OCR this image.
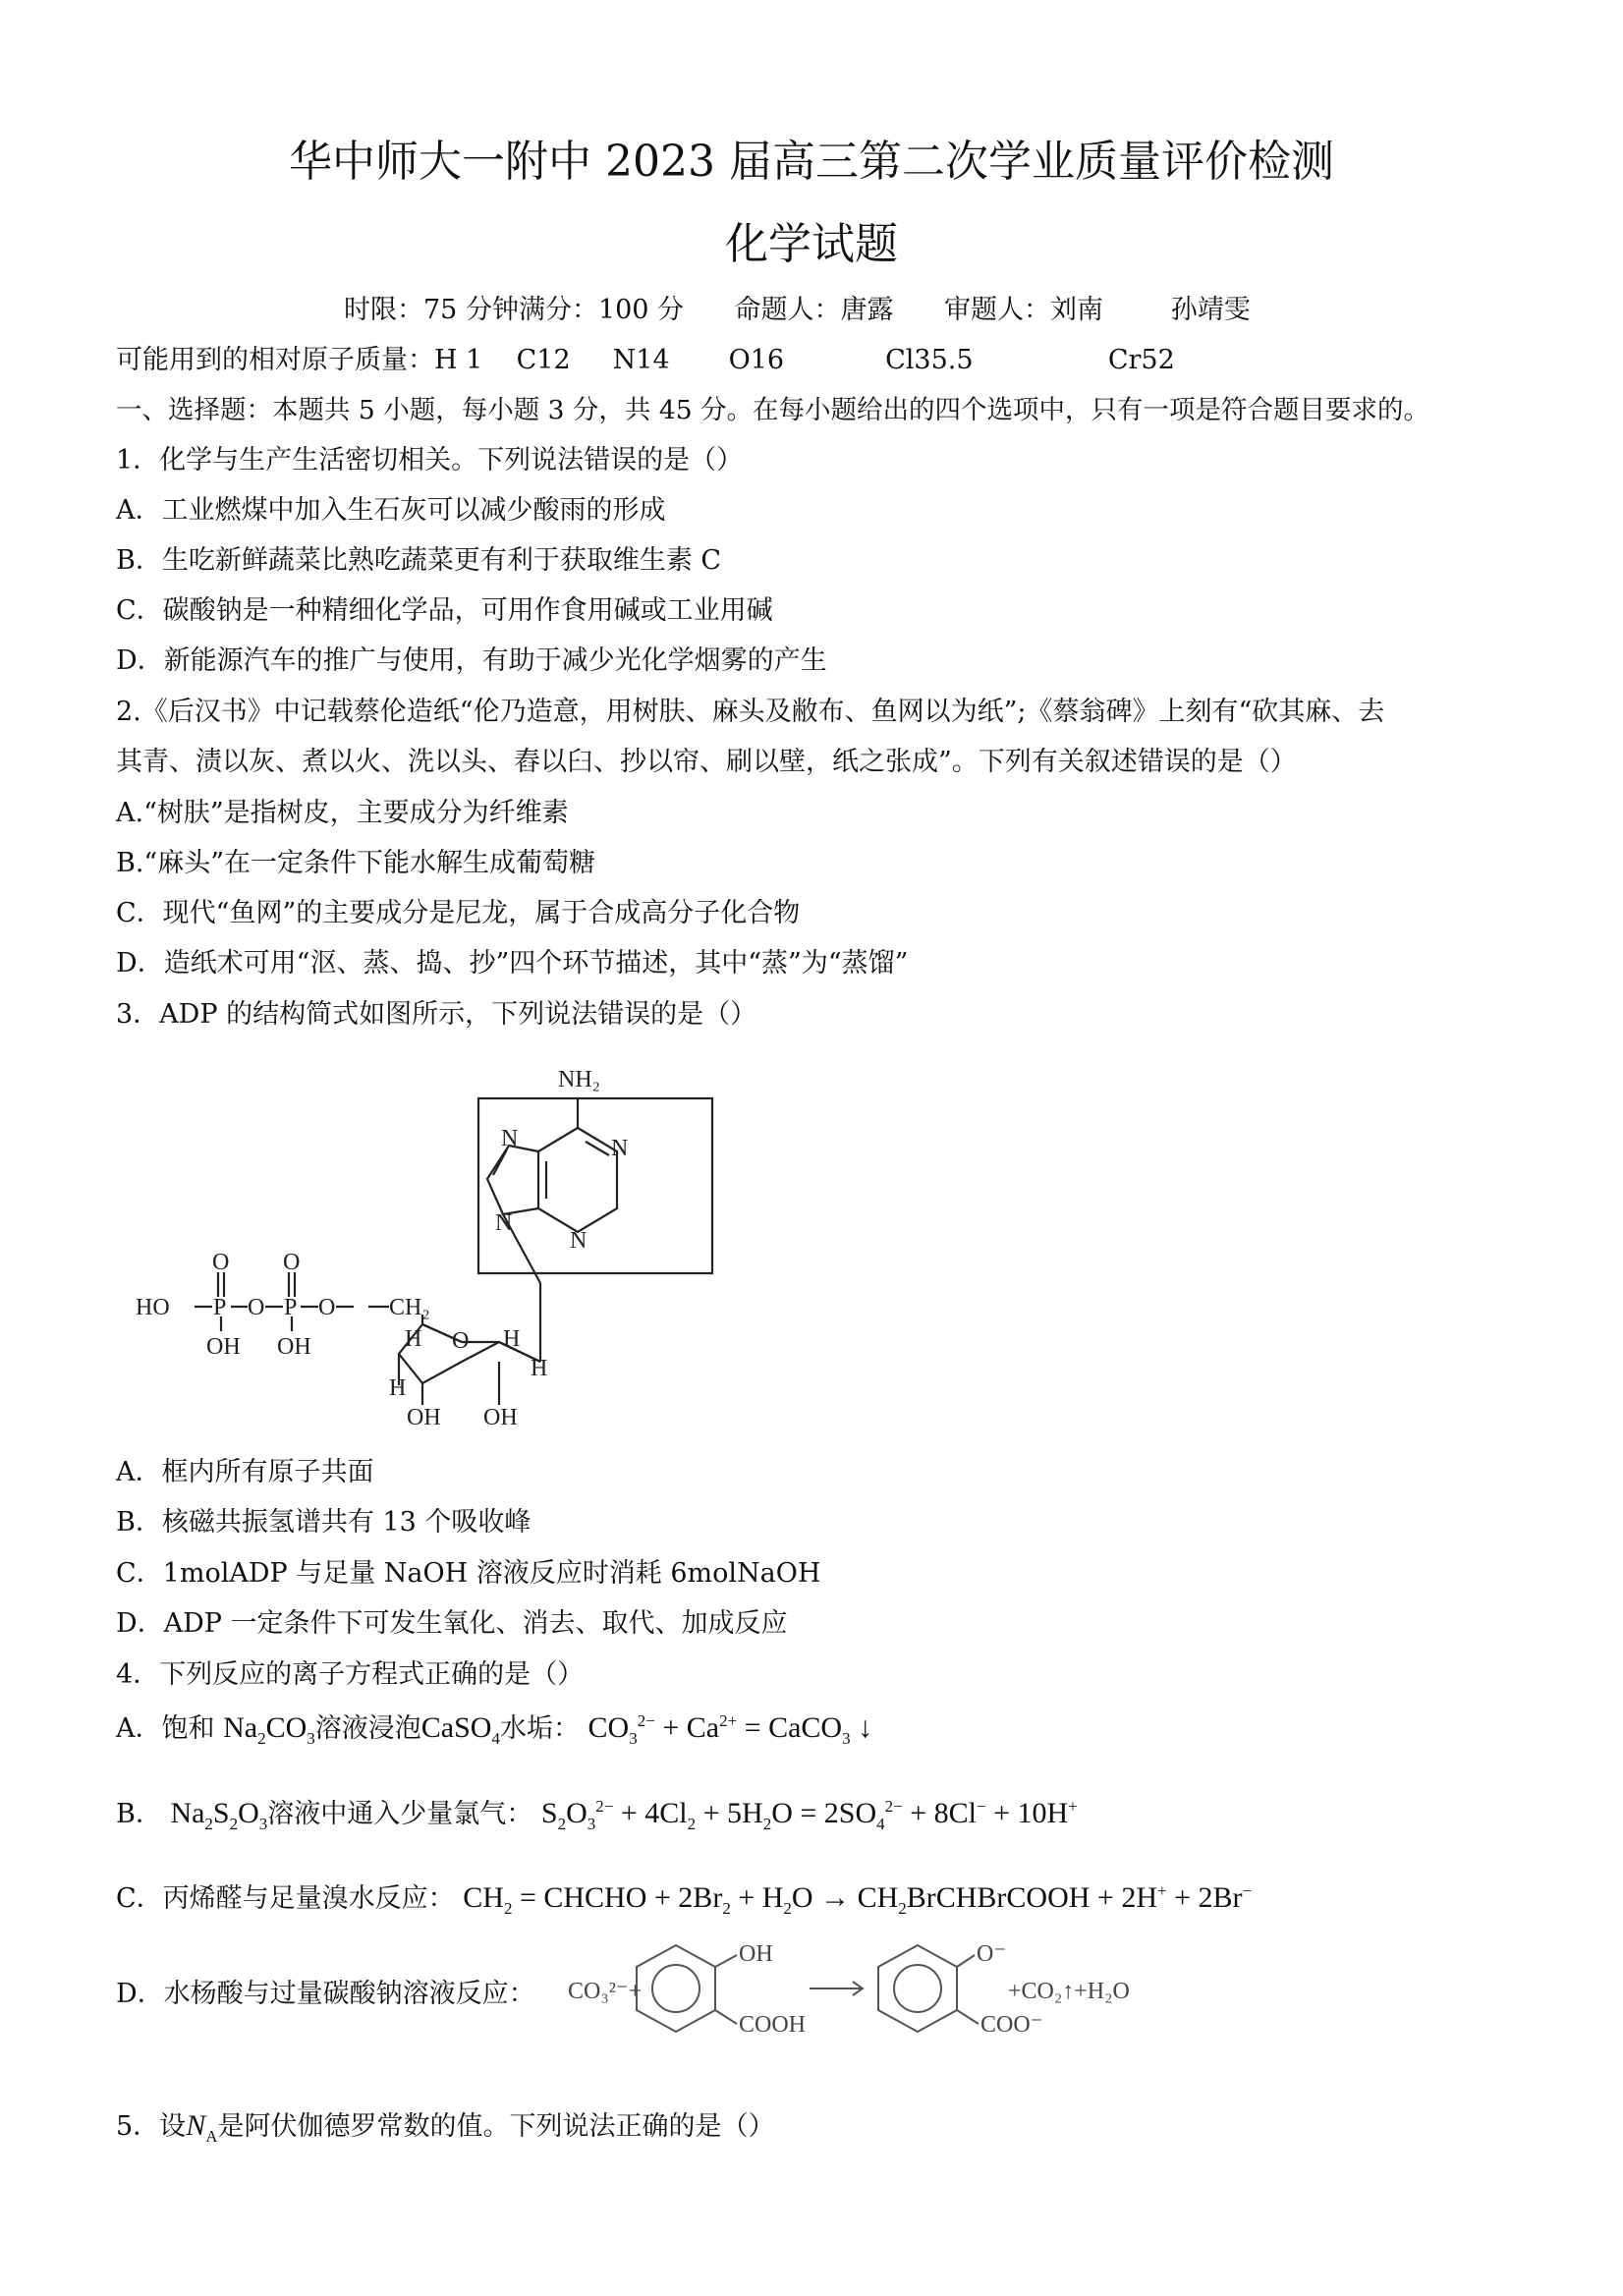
华中师大一附中 2023 届高三第二次学业质量评价检测
化学试题
时限：75 分钟满分：100 分      命题人：唐露      审题人：刘南        孙靖雯
可能用到的相对原子质量：H 1    C12     N14       O16            Cl35.5                Cr52
一、选择题：本题共 5 小题，每小题 3 分，共 45 分。在每小题给出的四个选项中，只有一项是符合题目要求的。
1．化学与生产生活密切相关。下列说法错误的是（）
A．工业燃煤中加入生石灰可以减少酸雨的形成
B．生吃新鲜蔬菜比熟吃蔬菜更有利于获取维生素 C
C．碳酸钠是一种精细化学品，可用作食用碱或工业用碱
D．新能源汽车的推广与使用，有助于减少光化学烟雾的产生
2.《后汉书》中记载蔡伦造纸“伦乃造意，用树肤、麻头及敝布、鱼网以为纸”;《蔡翁碑》上刻有“砍其麻、去
其青、渍以灰、煮以火、洗以头、舂以臼、抄以帘、刷以壁，纸之张成”。下列有关叙述错误的是（）
A.“树肤”是指树皮，主要成分为纤维素
B.“麻头”在一定条件下能水解生成葡萄糖
C．现代“鱼网”的主要成分是尼龙，属于合成高分子化合物
D．造纸术可用“沤、蒸、捣、抄”四个环节描述，其中“蒸”为“蒸馏”
3．ADP 的结构简式如图所示，下列说法错误的是（）
NH₂
N
N
N
N
O O
HO P O P O CH₂
OH OH	O
H	H
H
H
OH OH
A．框内所有原子共面
B．核磁共振氢谱共有 13 个吸收峰
C．1molADP 与足量 NaOH 溶液反应时消耗 6molNaOH
D．ADP 一定条件下可发生氧化、消去、取代、加成反应
4．下列反应的离子方程式正确的是（）
A．饱和 $Na_2CO_3$溶液浸泡CaSO$_4$水垢： $CO_3^{2-} + Ca^{2+}$ = CaCO$_3$ ↓
B． $Na_2S_2O_3$溶液中通入少量氯气： $S_2O_3^{2-} + 4Cl_2 + 5H_2O = 2SO_4^{2-} + 8Cl^- + 10H^+$
C．丙烯醛与足量溴水反应： $CH_2$ = CHCHO + $2Br_2 + H_2O$ → $CH_2BrCHBrCOOH + 2H^+ + 2Br^-$
D．水杨酸与过量碳酸钠溶液反应： CO₃²⁻+
OH
COOH
O⁻
COO⁻
+CO₂↑+H₂O
5．设$N_A$是阿伏伽德罗常数的值。下列说法正确的是（）
